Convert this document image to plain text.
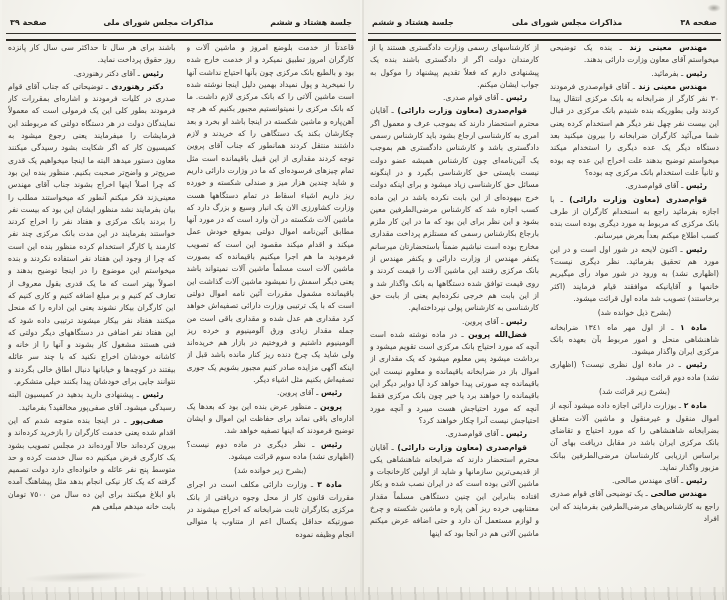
صفحه ٣٨
مذاکرات مجلس شورای ملی
جلسة هشتاد و ششم

مهندس معینی زند ـ بنده یک توضیحی میخواستم آقای معاون وزارت دارائی بدهند.

رئیس ـ بفرمائید.

مهندس معینی زند ـ آقای قوام‌صدری فرمودند ٣٠ نفر کارگر از ضرابخانه به بانک مرکزی انتقال پیدا کردند ولی بطوریکه بنده شنیدم بانک مرکزی در قبال این بیست نفر چهل نفر دیگر هم استخدام کرده یعنی شما می‌آئید کارگران ضرابخانه را بیرون میکنید بعد دستگاه دیگر یک عده دیگری را استخدام میکند میخواستم توضیح بدهند علت اخراج این عده چه بوده و ثانیاً علت استخدام بانک مرکزی چه بوده؟

رئیس ـ آقای قوام‌صدری.

قوام‌صدری (معاون وزارت دارائی) ـ با اجازه بفرمائید راجع به استخدام کارگران از طرف بانک مرکزی که مربوط به مورد دیگری بوده است بنده کسب اطلاع میکنم بعداً بعرض میرسانم.

رئیس ـ اکنون لایحه در شور اول است و در این مورد هم تحقیق بفرمائید. نظر دیگری نیست؟ (اظهاری نشد) به ورود در شور مواد رأی میگیریم خانمها و آقایانیکه موافقند قیام فرمایند (اکثر برخاستند) تصویب شد ماده اول قرائت میشود.

(بشرح ذیل خوانده شد)

مادة ١ ـ از اول مهر ماه ١٣٤١ ضرابخانه شاهنشاهی منحل و امور مربوط بآن بعهده بانک مرکزی ایران واگذار میشود.

رئیس ـ در مادة اول نظری نیست؟ (اظهاری نشد) ماده دوم قرائت میشود.

(بشرح زیر قرائت شد)

مادة ٢ ـ بوزارت دارائی اجازه داده میشود آنچه از اموال منقول و غیرمنقول و ماشین آلات متعلق بضرابخانه شاهنشاهی را که مورد احتیاج و تقاضای بانک مرکزی ایران باشد در مقابل دریافت بهای آن براساس ارزیابی کارشناسان مرضی‌الطرفین ببانک مزبور واگذار نماید.

رئیس ـ آقای مهندس صالحی.

مهندس صالحی ـ یک توضیحی آقای قوام صدری راجع به کارشناس‌های مرضی‌الطرفین بفرمایند که این افراد

از کارشناسهای رسمی وزارت دادگستری هستند یا از کارمندان دولت اگر از دادگستری باشند بنده یک پیشنهادی دارم که فعلاً تقدیم پیشنهاد را موکول به جواب ایشان میکنم.

رئیس ـ آقای قوام صدری.

قوام‌صدری (معاون وزارت دارائی) ـ آقایان محترم استحضار دارند که بموجب عرف و معمول اگر امری به کارشناسی ارجاع بشود باید کارشناس رسمی دادگستری باشد و کارشناس دادگستری هم بموجب یک آئین‌نامه‌ای چون کارشناس همیشه عضو دولت نیست بایستی حق کارشناسی بگیرد و در اینگونه مسائل حق کارشناسی زیاد میشود و برای اینکه دولت خرج بیهوده‌ای از این بابت نکرده باشد در این ماده کسب اجازه شد که کارشناس مرضی‌الطرفین معین بشود و این نظر برای این بود که ما در این کار ملزم بارجاع بکارشناس رسمی که مستلزم پرداخت مقداری مخارج بوده است نباشیم ضمناً باستحضارتان میرسانم یکنفر مهندس از وزارت دارائی و یکنفر مهندس از بانک مرکزی رفتند این ماشین آلات را قیمت کردند و روی قیمت توافق شده دستگاهها به بانک واگذار شد و از این بابت هم خرجی نکرده‌ایم یعنی از بابت حق کارشناسی به کارشناس پولی نپرداخته‌ایم.

رئیس ـ آقای پروین.

فضل‌الله پروین ـ در ماده نوشته شده است آنچه که مورد احتیاج بانک مرکزی است تقویم میشود و برداشت میشود پس معلوم میشود که یک مقداری از اموال باز در ضرابخانه باقیمانده و معلوم نیست این باقیمانده چه صورتی پیدا خواهد کرد آیا دوایر دیگر این باقیمانده را خواهند برد یا خیر چون بانک مرکزی فقط آنچه که مورد احتیاجش هست میبرد و آنچه مورد احتیاجش نیست آنرا چکار خواهند کرد؟

رئیس ـ آقای قوام‌صدری.

قوام‌صدری (معاون وزارت دارائی) ـ آقایان محترم استحضار دارند که ضرابخانه شاهنشاهی یکی از قدیمی‌ترین سازمانها و شاید از اولین کارخانجات و ماشین آلاتی بوده است که در ایران نصب شده و بکار افتاده بنابراین این چنین دستگاهی مسلماً مقدار معتنابهی خرده ریز آهن پاره و ماشین شکسته و چرخ و لوازم مستعمل آن دارد و حتی اضافه عرض میکنم ماشین آلاتی هم در آنجا بود که اینها

جلسة هشتاد و ششم
مذاکرات مجلس شورای ملی
صفحة ٣٩

قاعدتاً از خدمت بلوضع امروز و ماشین آلات و کارگران امروز تطبیق نمیکرد و از خدمت خارج شده بود و بالطبع بانک مرکزی چون بآنها احتیاج نداشت آنها را نمیخرید و پول نمیداد بهمین دلیل اینجا نوشته شده است ماشین آلاتی را که بانک مرکزی لازم داشت. ما که بانک مرکزی را نمیتوانستیم مجبور بکنیم که هر چه آهن‌پاره و ماشین شکسته در اینجا باشد او بخرد و بعد چکارشان بکند یک دستگاهی را که خریدند و لازم داشتند منتقل کردند همانطور که جناب آقای پروین توجه کردند مقداری از این قبیل باقیمانده است مثل تمام چیزهای فرسوده‌ای که ما در وزارت دارائی داریم و شاید چندین هزار میز و صندلی شکسته و خورده ریز داریم اشیاء اسقاط در تمام دستگاهها هست وزارت کشاورزی الان یک انبار وسیع و بزرگ دارد که ماشین آلات شکسته در آن وارد است که در مورد آنها مطابق آئین‌نامه اموال دولتی بموقع خودش عمل میکند و اقدام میکند مقصود این است که تصویب فرمودید ما هم اجرا میکنیم باقیمانده که بصورت ماشین آلات است مسلماً ماشین آلات نمیتواند باشد یعنی دیگر اسمش را نمیشود ماشین آلات گذاشت این باقیمانده مشمول مقررات آئین نامه اموال دولتی است که با یک ترتیبی وزارت دارائی تصفیه‌اش خواهد کرد مقداری هم عدل شده و مقداری باقی است من جمله مقدار زیادی ورق آلومینیوم و خرده ریز آلومینیوم داشتیم و فروختیم در بازار هم خریده‌اند ولی شاید یک چرخ دنده ریز کنار مانده باشد قبل از اینکه آگهی مزایده صادر کنیم مجبور بشویم یک جوری تصفیه‌اش بکنیم مثل اشیاء دیگر.

رئیس ـ آقای پروین.

پروین ـ منظور عرض بنده این بود که بعدها یک اداره‌ای باقی نماند برای حفاظت این اموال و ایشان توضیح فرمودند که اینها تصفیه خواهد شد.

رئیس ـ نظر دیگری در ماده دوم نیست؟ (اظهاری نشد) ماده سوم قرائت میشود.

(بشرح زیر خوانده شد)

مادة ٣ ـ وزارت دارائی مکلف است در اجرای مقررات قانون کار از محل وجوه دریافتی از بانک مرکزی بکارگران ثابت ضرابخانه که اخراج میشوند در صورتیکه حداقل یکسال اعم از متناوب یا متوالی انجام وظیفه نموده

باشند برای هر سال تا حداکثر سی سال کار پانزده روز حقوق پرداخت نماید.

رئیس ـ آقای دکتر رهنوردی.

دکتر رهنوردی ـ توضیحاتی که جناب آقای قوام صدری در کلیات فرمودند و اشاره‌ای بمقررات کار فرمودند بطور کلی این یک فرمولی است که معمولاً نمایندگان دولت در هر دستگاه دولتی که مربوطند این فرمایشات را میفرمایند یعنی رجوع میشود به کمیسیون کار که اگر شکایت بشود رسیدگی میکنند معاون دستور میدهد البته ما اینجا میخواهیم یک قدری صریح‌تر و واضح‌تر صحبت بکنیم. منظور بنده این بود که چرا اصلاً اینها اخراج بشوند جناب آقای مهندس معینی‌زند فکر میکنم آنطور که میخواستند مطلب را بیان بفرمایند نشد منظور ایشان این بود که بیست نفر را بردند بانک مرکزی و هفتاد نفر را اخراج کردند خواستند بفرمایند در این مدت بانک مرکزی چند نفر کارمند یا کارگر استخدام کرده منظور بنده این است که چرا از وجود این هفتاد نفر استفاده نکردند و بنده میخواستم این موضوع را در اینجا توضیح بدهند و اصولاً بهتر است که ما یک قدری بقول معروف از تعارف کم کنیم و بر مبلغ اضافه کنیم و کاری کنیم که این کارگران بیکار نشوند یعنی این اداره را که منحل میکنند هفتاد نفر بیکار میشوند ترتیبی داده شود که این هفتاد نفر اضافی در دستگاههای دیگر دولتی که فنی هستند مشغول کار بشوند و آنها را از خانه و کاشانه خودشان اخراج نکنید که با چند سر عائله بیفتند در کوچه‌ها و خیابانها دنبال اطاق خالی بگردند و نتوانند جایی برای خودشان پیدا بکنند خیلی متشکرم.

رئیس ـ پیشنهادی دارید بدهید در کمیسیون البته رسیدگی میشود. آقای صفی‌پور مخالفید؟ بفرمائید.

صفی‌پور ـ در اینجا بنده متوجه شدم که این اقدام شده یعنی خدمت کارگران را بازخرید کرده‌اند و بیرون کرده‌اند حالا آورده‌اند در مجلس تصویب بشود یک کارگری فرض میکنیم ده سال خدمت کرده و حد متوسط پنج نفر عائله و خانواده‌ای دارد دولت تصمیم گرفته که یک کار نیکی انجام بدهد مثل پیشاهنگ آمده باو ابلاغ میکنند برای این ده سال من ٧٥٠٠ تومان بابت خانه میدهم مبلغی هم
